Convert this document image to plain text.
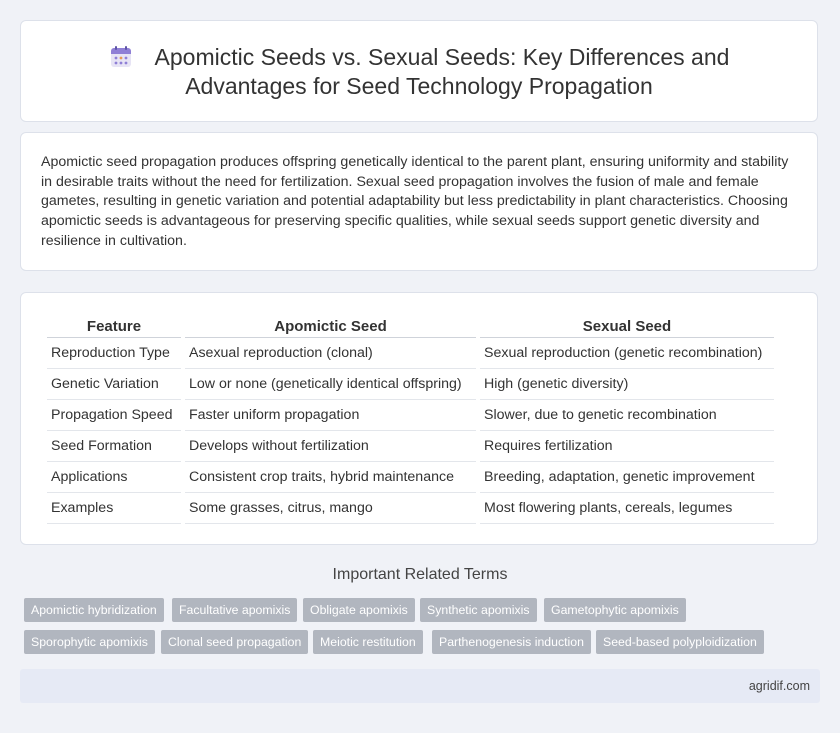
Apomictic Seeds vs. Sexual Seeds: Key Differences and
Advantages for Seed Technology Propagation

Apomictic seed propagation produces offspring genetically identical to the parent plant, ensuring uniformity and stability in desirable traits without the need for fertilization. Sexual seed propagation involves the fusion of male and female gametes, resulting in genetic variation and potential adaptability but less predictability in plant characteristics. Choosing apomictic seeds is advantageous for preserving specific qualities, while sexual seeds support genetic diversity and resilience in cultivation.

Feature	Apomictic Seed	Sexual Seed
Reproduction Type	Asexual reproduction (clonal)	Sexual reproduction (genetic recombination)
Genetic Variation	Low or none (genetically identical offspring)	High (genetic diversity)
Propagation Speed	Faster uniform propagation	Slower, due to genetic recombination
Seed Formation	Develops without fertilization	Requires fertilization
Applications	Consistent crop traits, hybrid maintenance	Breeding, adaptation, genetic improvement
Examples	Some grasses, citrus, mango	Most flowering plants, cereals, legumes
Important Related Terms
Apomictic hybridization	Facultative apomixis	Obligate apomixis	Synthetic apomixis	Gametophytic apomixis
Sporophytic apomixis	Clonal seed propagation	Meiotic restitution	Parthenogenesis induction	Seed-based polyploidization
agridif.com
